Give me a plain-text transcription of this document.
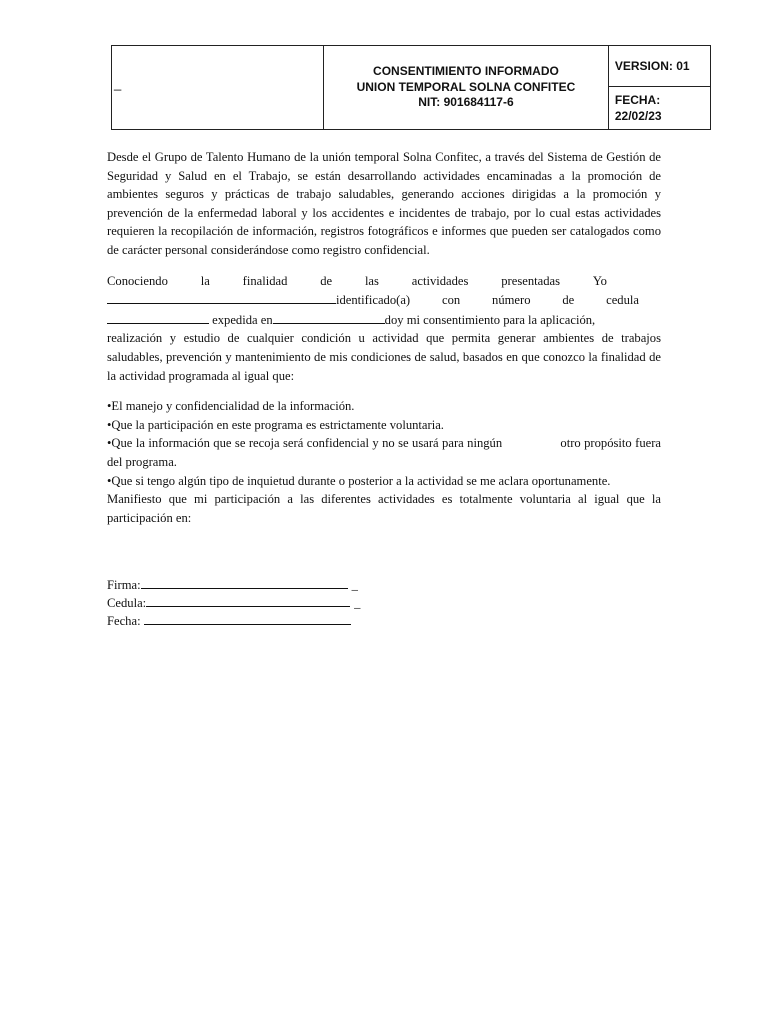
_

CONSENTIMIENTO INFORMADO
UNION TEMPORAL SOLNA CONFITEC
NIT: 901684117-6
	VERSION: 01

FECHA:
22/02/23

Desde el Grupo de Talento Humano de la unión temporal Solna Confitec, a través del Sistema de Gestión de Seguridad y Salud en el Trabajo, se están desarrollando actividades encaminadas a la promoción de ambientes seguros y prácticas de trabajo saludables, generando acciones dirigidas a la promoción y prevención de la enfermedad laboral y los accidentes e incidentes de trabajo, por lo cual estas actividades requieren la recopilación de información, registros fotográficos e informes que pueden ser catalogados como de carácter personal considerándose como registro confidencial.

Conociendo	la	finalidad	de	las	actividades	presentadas	Yo
identificado(a)	con	número	de	cedula
expedida en	doy mi consentimiento para la aplicación,
realización y estudio de cualquier condición u actividad que permita generar ambientes de trabajos saludables, prevención y mantenimiento de mis condiciones de salud, basados en que conozco la finalidad de la actividad programada al igual que:
•El manejo y confidencialidad de la información.
•Que la participación en este programa es estrictamente voluntaria.
•Que la información que se recoja será confidencial y no se usará para ningún                 otro propósito fuera del programa.
•Que si tengo algún tipo de inquietud durante o posterior a la actividad se me aclara oportunamente.
Manifiesto que mi participación a las diferentes actividades es totalmente voluntaria al igual que la participación en:
Firma:	_
Cedula:	_
Fecha:
